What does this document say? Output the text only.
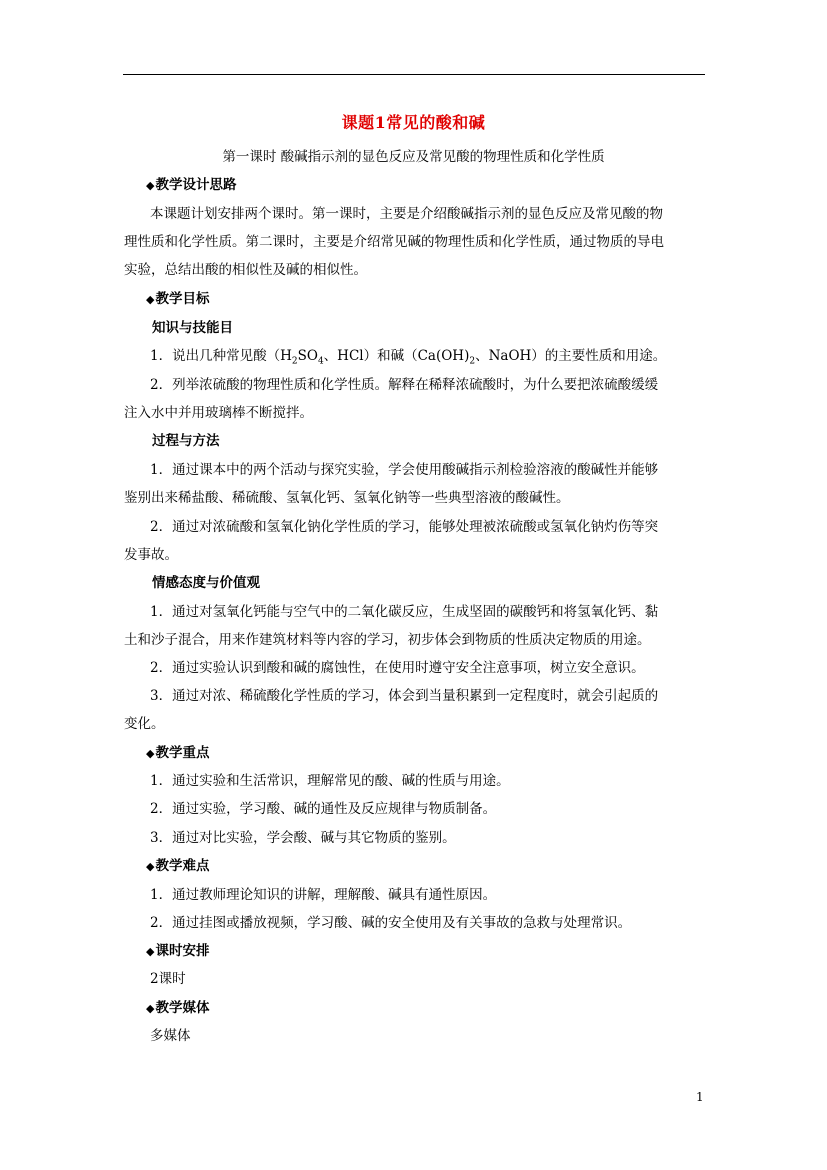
课题1常见的酸和碱
第一课时 酸碱指示剂的显色反应及常见酸的物理性质和化学性质
◆教学设计思路
本课题计划安排两个课时。第一课时，主要是介绍酸碱指示剂的显色反应及常见酸的物
理性质和化学性质。第二课时，主要是介绍常见碱的物理性质和化学性质，通过物质的导电
实验，总结出酸的相似性及碱的相似性。
◆教学目标
知识与技能目
1．说出几种常见酸（$H_2SO_4$、HCl）和碱（$Ca(OH)_2$、NaOH）的主要性质和用途。
2．列举浓硫酸的物理性质和化学性质。解释在稀释浓硫酸时，为什么要把浓硫酸缓缓
注入水中并用玻璃棒不断搅拌。
过程与方法
1．通过课本中的两个活动与探究实验，学会使用酸碱指示剂检验溶液的酸碱性并能够
鉴别出来稀盐酸、稀硫酸、氢氧化钙、氢氧化钠等一些典型溶液的酸碱性。
2．通过对浓硫酸和氢氧化钠化学性质的学习，能够处理被浓硫酸或氢氧化钠灼伤等突
发事故。
情感态度与价值观
1．通过对氢氧化钙能与空气中的二氧化碳反应，生成坚固的碳酸钙和将氢氧化钙、黏
土和沙子混合，用来作建筑材料等内容的学习，初步体会到物质的性质决定物质的用途。
2．通过实验认识到酸和碱的腐蚀性，在使用时遵守安全注意事项，树立安全意识。
3．通过对浓、稀硫酸化学性质的学习，体会到当量积累到一定程度时，就会引起质的
变化。
◆教学重点
1．通过实验和生活常识，理解常见的酸、碱的性质与用途。
2．通过实验，学习酸、碱的通性及反应规律与物质制备。
3．通过对比实验，学会酸、碱与其它物质的鉴别。
◆教学难点
1．通过教师理论知识的讲解，理解酸、碱具有通性原因。
2．通过挂图或播放视频，学习酸、碱的安全使用及有关事故的急救与处理常识。
◆课时安排
2课时
◆教学媒体
多媒体
1
